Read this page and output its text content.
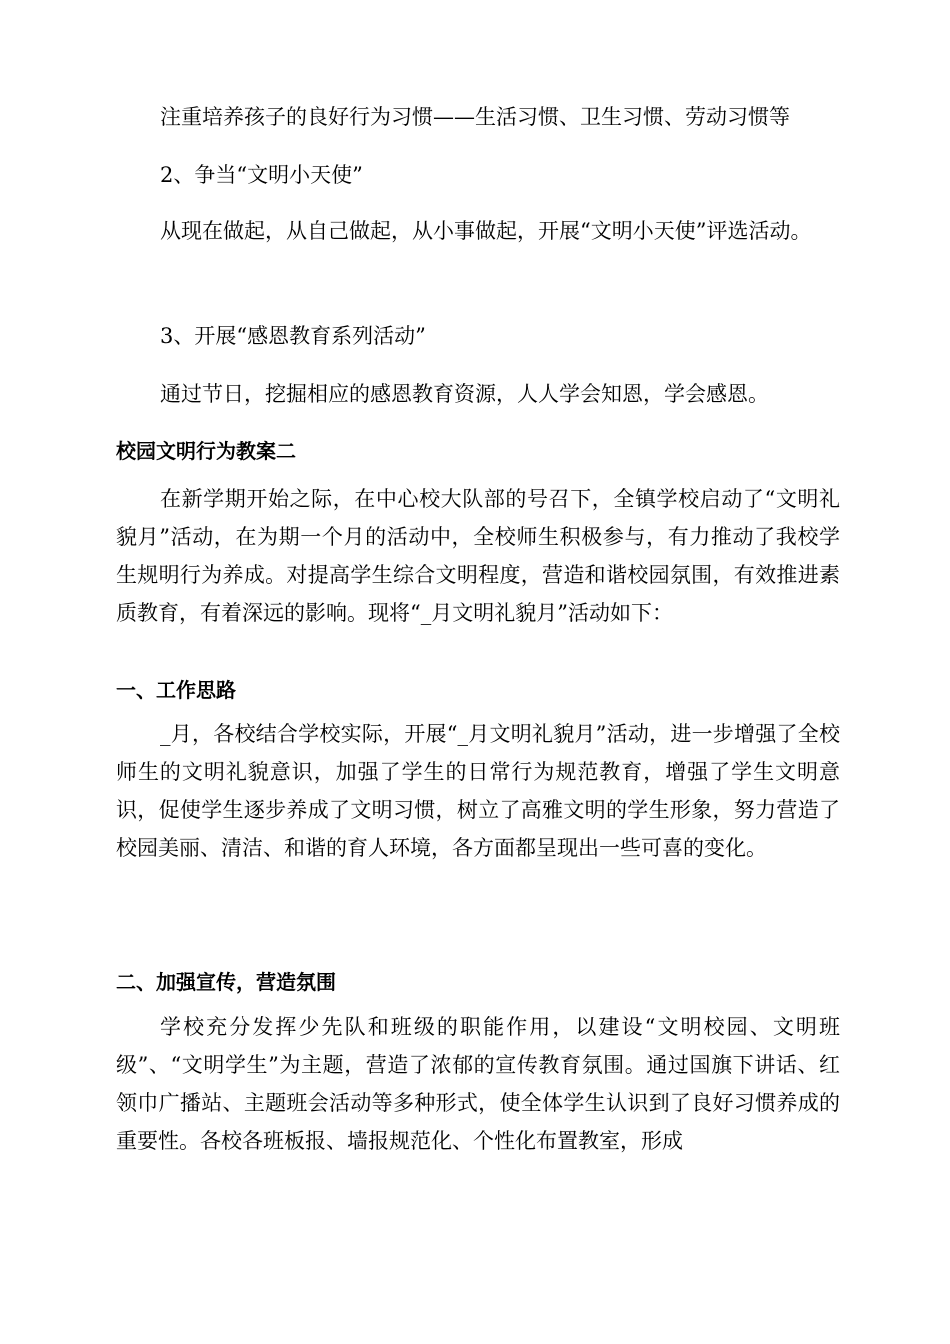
注重培养孩子的良好行为习惯——生活习惯、卫生习惯、劳动习惯等

2、争当“文明小天使”

从现在做起，从自己做起，从小事做起，开展“文明小天使”评选活动。

3、开展“感恩教育系列活动”

通过节日，挖掘相应的感恩教育资源，人人学会知恩，学会感恩。

校园文明行为教案二

在新学期开始之际，在中心校大队部的号召下，全镇学校启动了“文明礼貌月”活动，在为期一个月的活动中，全校师生积极参与，有力推动了我校学生规明行为养成。对提高学生综合文明程度，营造和谐校园氛围，有效推进素质教育，有着深远的影响。现将“_月文明礼貌月”活动如下：

一、工作思路

_月，各校结合学校实际，开展“_月文明礼貌月”活动，进一步增强了全校师生的文明礼貌意识，加强了学生的日常行为规范教育，增强了学生文明意识，促使学生逐步养成了文明习惯，树立了高雅文明的学生形象，努力营造了校园美丽、清洁、和谐的育人环境，各方面都呈现出一些可喜的变化。

二、加强宣传，营造氛围

学校充分发挥少先队和班级的职能作用，以建设“文明校园、文明班级”、“文明学生”为主题，营造了浓郁的宣传教育氛围。通过国旗下讲话、红领巾广播站、主题班会活动等多种形式，使全体学生认识到了良好习惯养成的重要性。各校各班板报、墙报规范化、个性化布置教室，形成
